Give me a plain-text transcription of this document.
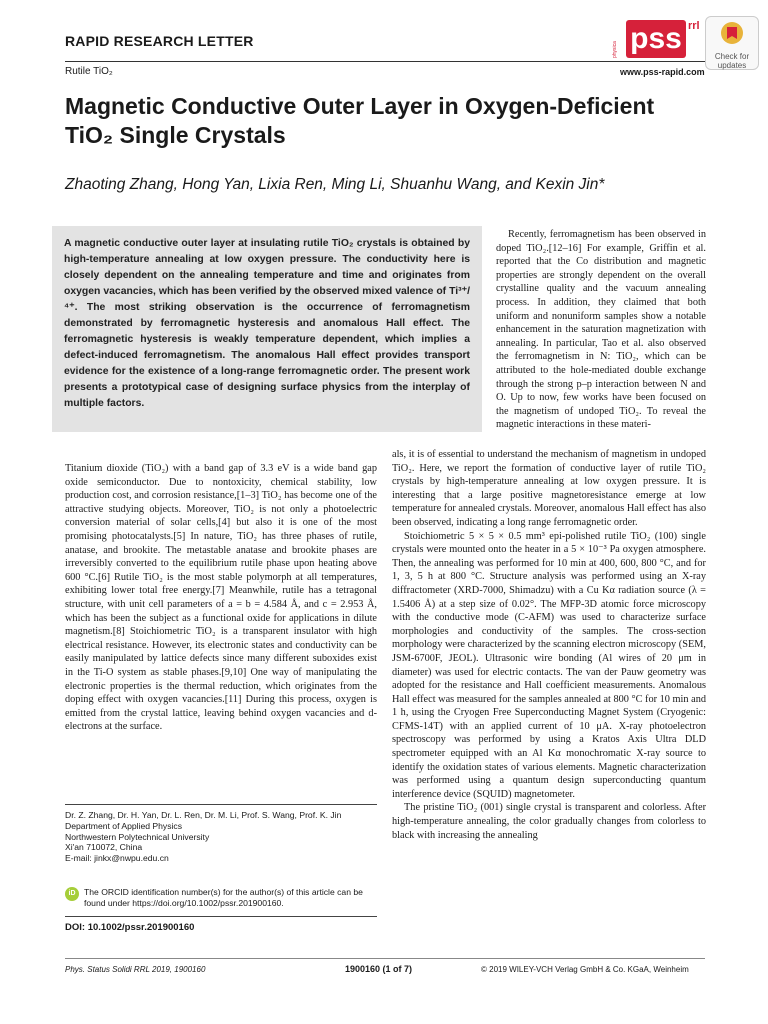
RAPID RESEARCH LETTER
Rutile TiO₂
physica pss rrl
www.pss-rapid.com
Check for updates
Magnetic Conductive Outer Layer in Oxygen-Deficient TiO₂ Single Crystals
Zhaoting Zhang, Hong Yan, Lixia Ren, Ming Li, Shuanhu Wang, and Kexin Jin*
A magnetic conductive outer layer at insulating rutile TiO₂ crystals is obtained by high-temperature annealing at low oxygen pressure. The conductivity here is closely dependent on the annealing temperature and time and originates from oxygen vacancies, which has been verified by the observed mixed valence of Ti³⁺/⁴⁺. The most striking observation is the occurrence of ferromagnetism demonstrated by ferromagnetic hysteresis and anomalous Hall effect. The ferromagnetic hysteresis is weakly temperature dependent, which implies a defect-induced ferromagnetism. The anomalous Hall effect provides transport evidence for the existence of a long-range ferromagnetic order. The present work presents a prototypical case of designing surface physics from the interplay of multiple factors.

Recently, ferromagnetism has been observed in doped TiO₂.[12–16] For example, Griffin et al. reported that the Co distribution and magnetic properties are strongly dependent on the overall crystalline quality and the vacuum annealing process. In addition, they claimed that both uniform and nonuniform samples show a notable enhancement in the saturation magnetization with annealing. In particular, Tao et al. also observed the ferromagnetism in N: TiO₂, which can be attributed to the hole-mediated double exchange through the strong p–p interaction between N and O. Up to now, few works have been focused on the magnetism of undoped TiO₂. To reveal the magnetic interactions in these materi-

Titanium dioxide (TiO₂) with a band gap of 3.3 eV is a wide band gap oxide semiconductor. Due to nontoxicity, chemical stability, low production cost, and corrosion resistance,[1–3] TiO₂ has become one of the attractive studying objects. Moreover, TiO₂ is not only a photoelectric conversion material of solar cells,[4] but also it is one of the most promising photocatalysts.[5] In nature, TiO₂ has three phases of rutile, anatase, and brookite. The metastable anatase and brookite phases are irreversibly converted to the equilibrium rutile phase upon heating above 600 °C.[6] Rutile TiO₂ is the most stable polymorph at all temperatures, exhibiting lower total free energy.[7] Meanwhile, rutile has a tetragonal structure, with unit cell parameters of a = b = 4.584 Å, and c = 2.953 Å, which has been the subject as a functional oxide for applications in dilute magnetism.[8] Stoichiometric TiO₂ is a transparent insulator with high electrical resistance. However, its electronic states and conductivity can be easily manipulated by lattice defects since many different suboxides exist in the Ti-O system as stable phases.[9,10] One way of manipulating the electronic properties is the thermal reduction, which originates from the doping effect with oxygen vacancies.[11] During this process, oxygen is emitted from the crystal lattice, leaving behind oxygen vacancies and d-electrons at the surface.

als, it is of essential to understand the mechanism of magnetism in undoped TiO₂. Here, we report the formation of conductive layer of rutile TiO₂ crystals by high-temperature annealing at low oxygen pressure. It is interesting that a large positive magnetoresistance emerge at low temperature for annealed crystals. Moreover, anomalous Hall effect has also been observed, indicating a long range ferromagnetic order.

Stoichiometric 5 × 5 × 0.5 mm³ epi-polished rutile TiO₂ (100) single crystals were mounted onto the heater in a 5 × 10⁻³ Pa oxygen atmosphere. Then, the annealing was performed for 10 min at 400, 600, 800 °C, and for 1, 3, 5 h at 800 °C. Structure analysis was performed using an X-ray diffractometer (XRD-7000, Shimadzu) with a Cu Kα radiation source (λ = 1.5406 Å) at a step size of 0.02°. The MFP-3D atomic force microscopy with the conductive mode (C-AFM) was used to characterize surface morphologies and conductivity of the samples. The cross-section morphology were characterized by the scanning electron microscopy (SEM, JSM-6700F, JEOL). Ultrasonic wire bonding (Al wires of 20 μm in diameter) was used for electric contacts. The van der Pauw geometry was adopted for the resistance and Hall coefficient measurements. Anomalous Hall effect was measured for the samples annealed at 800 °C for 10 min and 1 h, using the Cryogen Free Superconducting Magnet System (Cryogenic: CFMS-14T) with an applied current of 10 μA. X-ray photoelectron spectroscopy was performed by using a Kratos Axis Ultra DLD spectrometer equipped with an Al Kα monochromatic X-ray source to identify the oxidation states of various elements. Magnetic characterization was performed using a quantum design superconducting quantum interference device (SQUID) magnetometer.

The pristine TiO₂ (001) single crystal is transparent and colorless. After high-temperature annealing, the color gradually changes from colorless to black with increasing the annealing

Dr. Z. Zhang, Dr. H. Yan, Dr. L. Ren, Dr. M. Li, Prof. S. Wang, Prof. K. Jin
Department of Applied Physics
Northwestern Polytechnical University
Xi'an 710072, China
E-mail: jinkx@nwpu.edu.cn
iD The ORCID identification number(s) for the author(s) of this article can be found under https://doi.org/10.1002/pssr.201900160.
DOI: 10.1002/pssr.201900160
Phys. Status Solidi RRL 2019, 1900160	1900160 (1 of 7)	© 2019 WILEY-VCH Verlag GmbH & Co. KGaA, Weinheim
